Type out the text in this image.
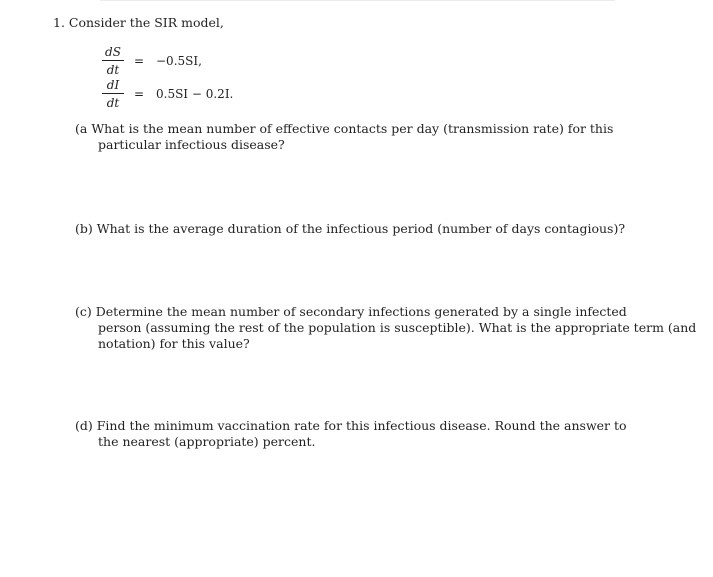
1. Consider the SIR model,
dS
dt
= −0.5SI,
dI
dt
= 0.5SI − 0.2I.
(a What is the mean number of effective contacts per day (transmission rate) for this
particular infectious disease?
(b) What is the average duration of the infectious period (number of days contagious)?
(c) Determine the mean number of secondary infections generated by a single infected
person (assuming the rest of the population is susceptible). What is the appropriate term (and
notation) for this value?
(d) Find the minimum vaccination rate for this infectious disease. Round the answer to
the nearest (appropriate) percent.
